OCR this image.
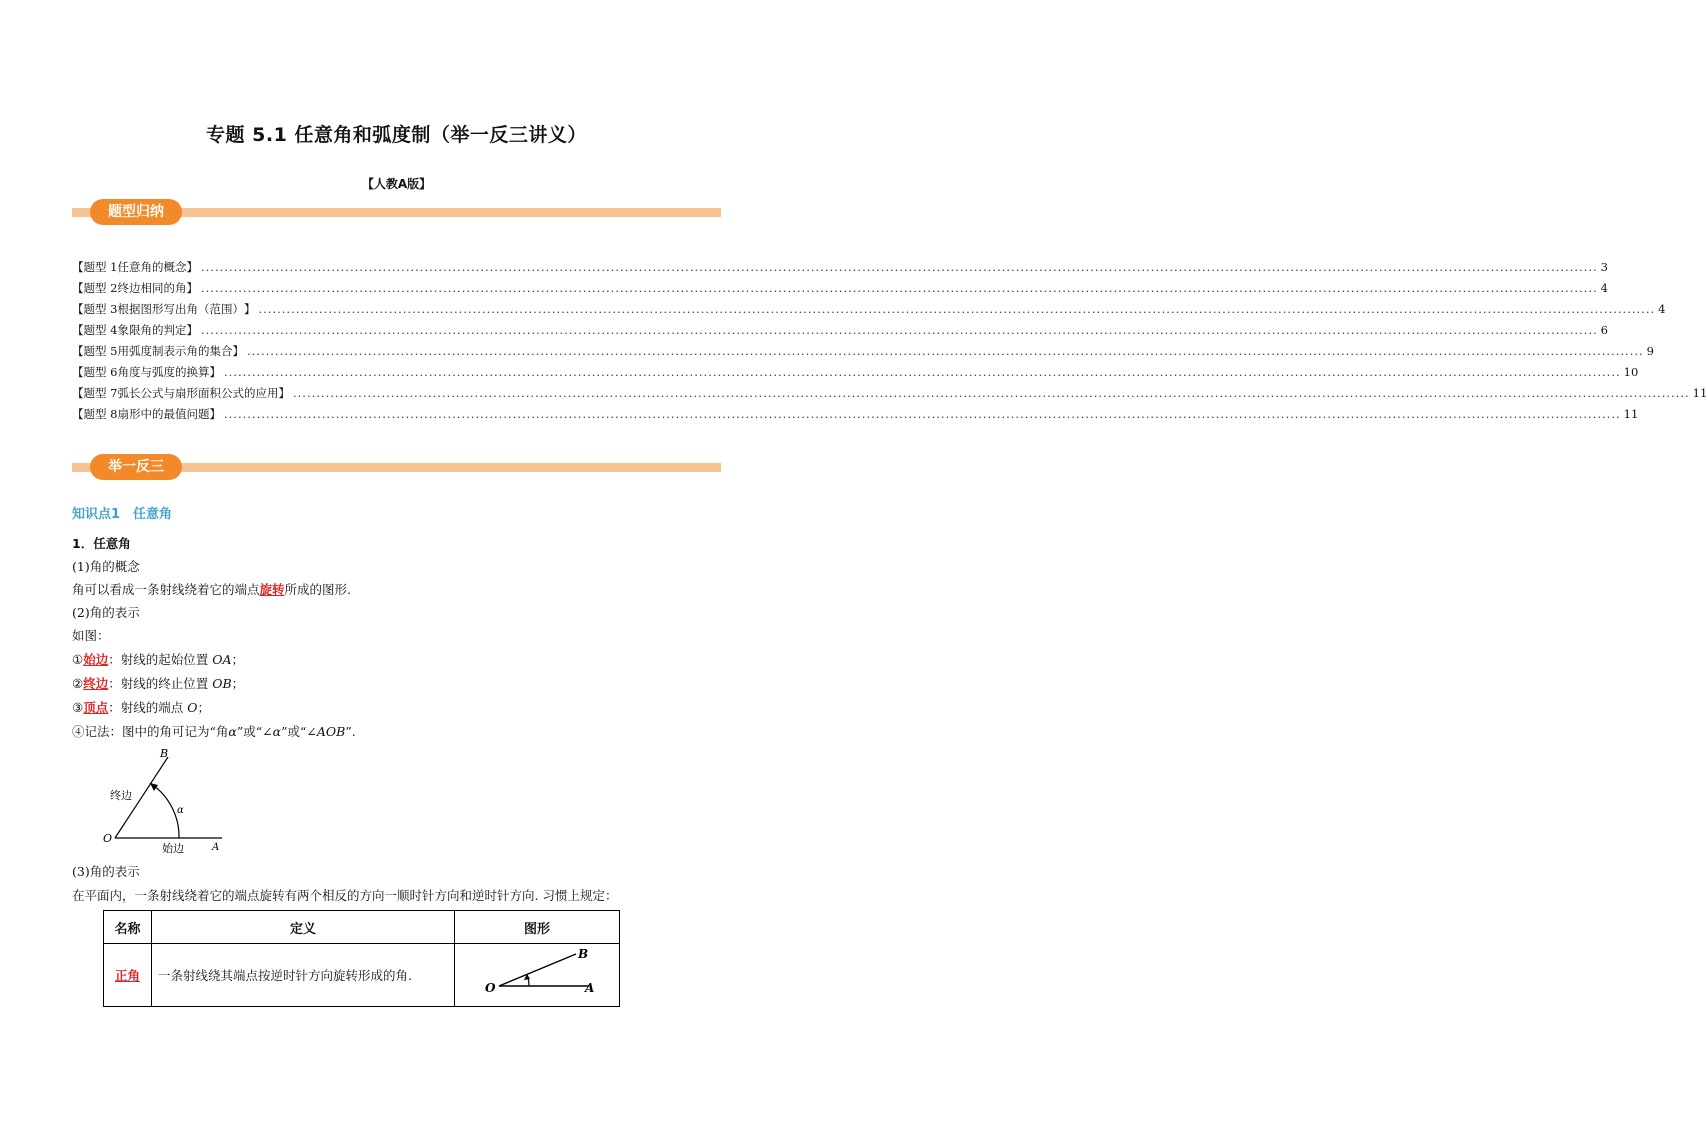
专题 5.1 任意角和弧度制（举一反三讲义）
【人教A版】
题型归纳
【 题型 1 任意角的概念 】 ............................................................................................................................................................................................................................................................................................................ 3
【 题型 2 终边相同的角 】 ............................................................................................................................................................................................................................................................................................................ 4
【 题型 3 根据图形写出角（范围） 】 ............................................................................................................................................................................................................................................................................................................ 4
【 题型 4 象限角的判定 】 ............................................................................................................................................................................................................................................................................................................ 6
【 题型 5 用弧度制表示角的集合 】 ............................................................................................................................................................................................................................................................................................................ 9
【 题型 6 角度与弧度的换算 】 ............................................................................................................................................................................................................................................................................................................ 10
【 题型 7 弧长公式与扇形面积公式的应用 】 ............................................................................................................................................................................................................................................................................................................ 11
【 题型 8 扇形中的最值问题 】 ............................................................................................................................................................................................................................................................................................................ 11
举一反三
知识点1　任意角
1．任意角
(1)角的概念
角可以看成一条射线绕着它的端点旋转所成的图形.
(2)角的表示
如图：
①始边：射线的起始位置 OA；
②终边：射线的终止位置 OB；
③顶点：射线的端点 O；
④记法：图中的角可记为“角α”或“∠α”或“∠AOB”.
B
O
A
终边
始边
α
(3)角的表示
在平面内，一条射线绕着它的端点旋转有两个相反的方向一顺时针方向和逆时针方向. 习惯上规定：
名称	定义	图形
正角	一条射线绕其端点按逆时针方向旋转形成的角.	B
O A
